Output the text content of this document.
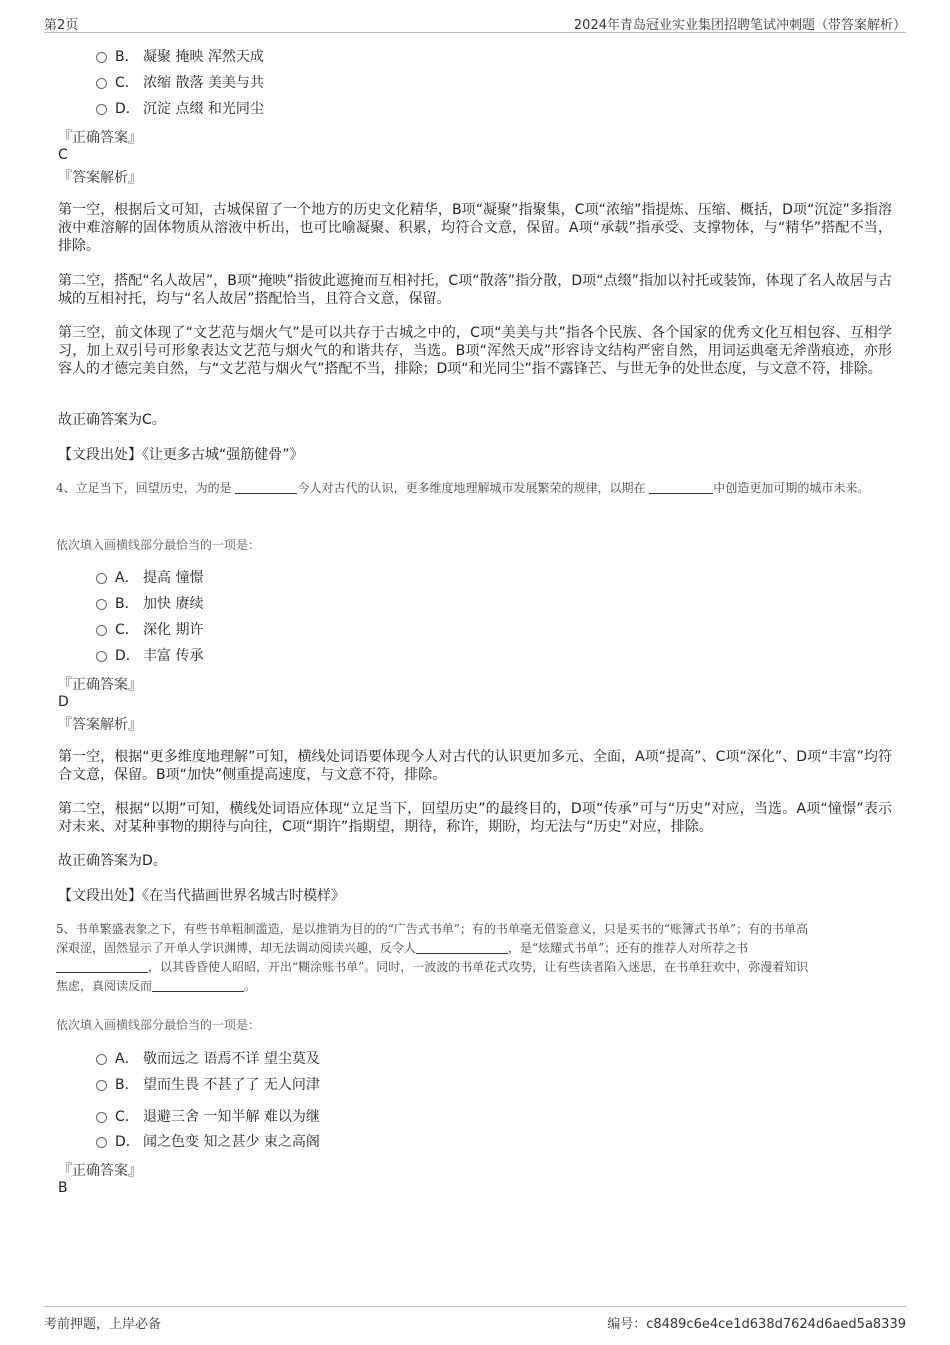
第2页	2024年青岛冠业实业集团招聘笔试冲刺题（带答案解析）
B． 凝聚 掩映 浑然天成
C． 浓缩 散落 美美与共
D． 沉淀 点缀 和光同尘
『正确答案』
C
『答案解析』
第一空，根据后文可知，古城保留了一个地方的历史文化精华，B项“凝聚”指聚集，C项“浓缩”指提炼、压缩、概括，D项“沉淀”多指溶液中难溶解的固体物质从溶液中析出，也可比喻凝聚、积累，均符合文意，保留。A项“承载”指承受、支撑物体，与“精华”搭配不当，排除。
第二空，搭配“名人故居”，B项“掩映”指彼此遮掩而互相衬托，C项“散落”指分散，D项“点缀”指加以衬托或装饰，体现了名人故居与古城的互相衬托，均与“名人故居”搭配恰当，且符合文意，保留。
第三空，前文体现了“文艺范与烟火气”是可以共存于古城之中的，C项“美美与共”指各个民族、各个国家的优秀文化互相包容、互相学习，加上双引号可形象表达文艺范与烟火气的和谐共存，当选。B项“浑然天成”形容诗文结构严密自然，用词运典毫无斧凿痕迹，亦形容人的才德完美自然，与“文艺范与烟火气”搭配不当，排除；D项“和光同尘”指不露锋芒、与世无争的处世态度，与文意不符，排除。
故正确答案为C。
【文段出处】《让更多古城“强筋健骨”》
4、立足当下，回望历史，为的是	今人对古代的认识，更多维度地理解城市发展繁荣的规律，以期在	中创造更加可期的城市未来。
依次填入画横线部分最恰当的一项是：
A． 提高 憧憬
B． 加快 赓续
C． 深化 期许
D． 丰富 传承
『正确答案』
D
『答案解析』
第一空，根据“更多维度地理解”可知，横线处词语要体现今人对古代的认识更加多元、全面，A项“提高”、C项“深化”、D项“丰富”均符合文意，保留。B项“加快”侧重提高速度，与文意不符，排除。
第二空，根据“以期”可知，横线处词语应体现“立足当下，回望历史”的最终目的，D项“传承”可与“历史”对应，当选。A项“憧憬”表示对未来、对某种事物的期待与向往，C项“期许”指期望，期待，称许，期盼，均无法与“历史”对应，排除。
故正确答案为D。
【文段出处】《在当代描画世界名城古时模样》
5、书单繁盛表象之下，有些书单粗制滥造，是以推销为目的的“广告式书单”；有的书单毫无借鉴意义，只是买书的“账簿式书单”；有的书单高
深艰涩，固然显示了开单人学识渊博，却无法调动阅读兴趣，反令人	，是“炫耀式书单”；还有的推荐人对所荐之书
，以其昏昏使人昭昭，开出“糊涂账书单”。同时，一波波的书单花式攻势，让有些读者陷入迷思，在书单狂欢中，弥漫着知识
焦虑，真阅读反而	。
依次填入画横线部分最恰当的一项是：
A． 敬而远之 语焉不详 望尘莫及
B． 望而生畏 不甚了了 无人问津
C． 退避三舍 一知半解 难以为继
D． 闻之色变 知之甚少 束之高阁
『正确答案』
B
考前押题，上岸必备	编号：c8489c6e4ce1d638d7624d6aed5a8339
